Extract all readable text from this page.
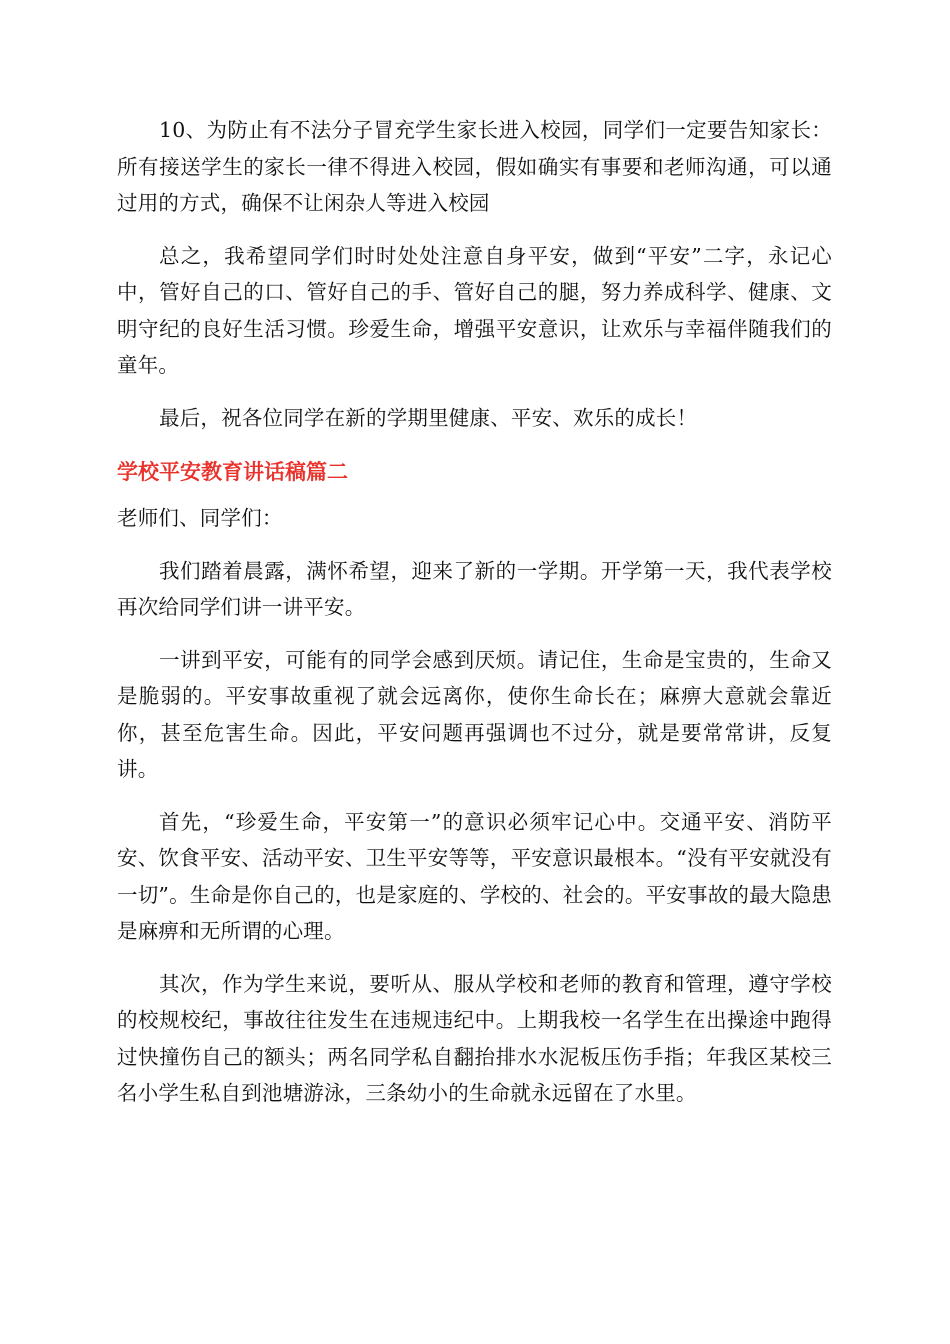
10、为防止有不法分子冒充学生家长进入校园，同学们一定要告知家长：所有接送学生的家长一律不得进入校园，假如确实有事要和老师沟通，可以通过用的方式，确保不让闲杂人等进入校园

总之，我希望同学们时时处处注意自身平安，做到“平安”二字，永记心中，管好自己的口、管好自己的手、管好自己的腿，努力养成科学、健康、文明守纪的良好生活习惯。珍爱生命，增强平安意识，让欢乐与幸福伴随我们的童年。

最后，祝各位同学在新的学期里健康、平安、欢乐的成长！

学校平安教育讲话稿篇二

老师们、同学们：

我们踏着晨露，满怀希望，迎来了新的一学期。开学第一天，我代表学校再次给同学们讲一讲平安。

一讲到平安，可能有的同学会感到厌烦。请记住，生命是宝贵的，生命又是脆弱的。平安事故重视了就会远离你，使你生命长在；麻痹大意就会靠近你，甚至危害生命。因此，平安问题再强调也不过分，就是要常常讲，反复讲。

首先，“珍爱生命，平安第一”的意识必须牢记心中。交通平安、消防平安、饮食平安、活动平安、卫生平安等等，平安意识最根本。“没有平安就没有一切”。生命是你自己的，也是家庭的、学校的、社会的。平安事故的最大隐患是麻痹和无所谓的心理。

其次，作为学生来说，要听从、服从学校和老师的教育和管理，遵守学校的校规校纪，事故往往发生在违规违纪中。上期我校一名学生在出操途中跑得过快撞伤自己的额头；两名同学私自翻抬排水水泥板压伤手指；年我区某校三名小学生私自到池塘游泳，三条幼小的生命就永远留在了水里。
